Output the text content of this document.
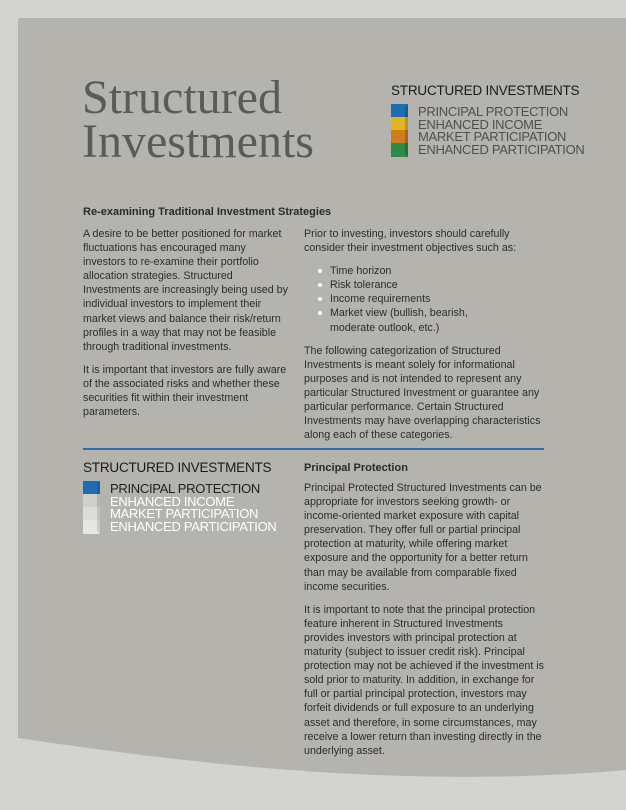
Structured
Investments
STRUCTURED INVESTMENTS
PRINCIPAL PROTECTION
ENHANCED INCOME
MARKET PARTICIPATION
ENHANCED PARTICIPATION
Re-examining Traditional Investment Strategies

A desire to be better positioned for market fluctuations has encouraged many investors to re-examine their portfolio allocation strategies. Structured Investments are increasingly being used by individual investors to implement their market views and balance their risk/return profiles in a way that may not be feasible through traditional investments.

It is important that investors are fully aware of the associated risks and whether these securities fit within their investment parameters.

Prior to investing, investors should carefully consider their investment objectives such as:

Time horizon
Risk tolerance
Income requirements
Market view (bullish, bearish, moderate outlook, etc.)

The following categorization of Structured Investments is meant solely for informational purposes and is not intended to represent any particular Structured Investment or guarantee any particular performance. Certain Structured Investments may have overlapping characteristics along each of these categories.

STRUCTURED INVESTMENTS
PRINCIPAL PROTECTION
ENHANCED INCOME
MARKET PARTICIPATION
ENHANCED PARTICIPATION
Principal Protection

Principal Protected Structured Investments can be appropriate for investors seeking growth- or income-oriented market exposure with capital preservation. They offer full or partial principal protection at maturity, while offering market exposure and the opportunity for a better return than may be available from comparable fixed income securities.

It is important to note that the principal protection feature inherent in Structured Investments provides investors with principal protection at maturity (subject to issuer credit risk). Principal protection may not be achieved if the investment is sold prior to maturity. In addition, in exchange for full or partial principal protection, investors may forfeit dividends or full exposure to an underlying asset and therefore, in some circumstances, may receive a lower return than investing directly in the underlying asset.
